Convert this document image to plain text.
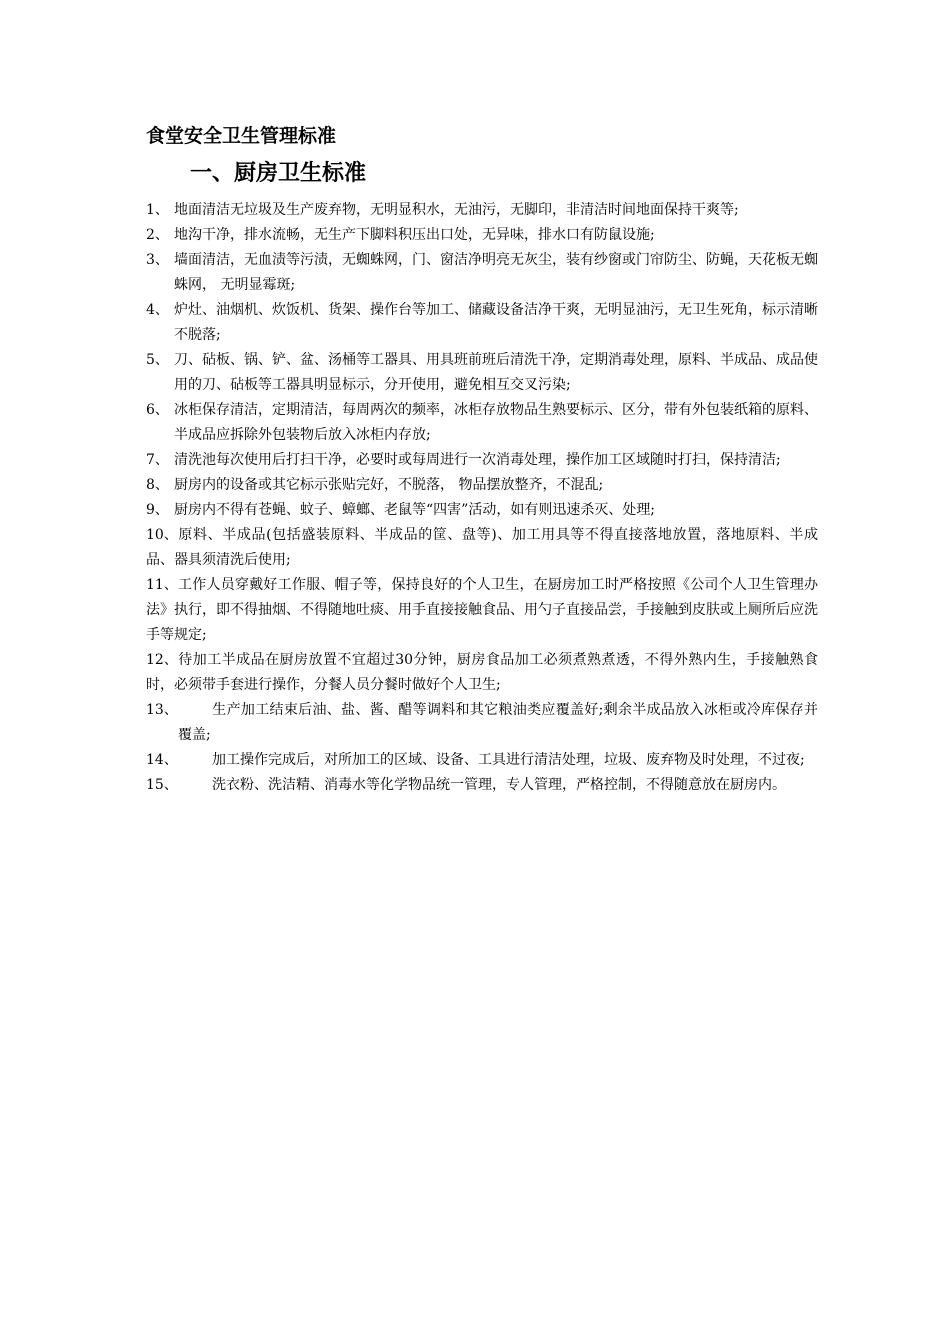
食堂安全卫生管理标准
一、厨房卫生标准
1、 地面清洁无垃圾及生产废弃物，无明显积水，无油污，无脚印，非清洁时间地面保持干爽等;
2、 地沟干净，排水流畅，无生产下脚料积压出口处，无异味，排水口有防鼠设施;
3、 墙面清洁，无血渍等污渍，无蜘蛛网，门、窗洁净明亮无灰尘，装有纱窗或门帘防尘、防蝇，天花板无蜘蛛网， 无明显霉斑;
4、 炉灶、油烟机、炊饭机、货架、操作台等加工、储藏设备洁净干爽，无明显油污，无卫生死角，标示清晰不脱落;
5、 刀、砧板、锅、铲、盆、汤桶等工器具、用具班前班后清洗干净，定期消毒处理，原料、半成品、成品使用的刀、砧板等工器具明显标示，分开使用，避免相互交叉污染;
6、 冰柜保存清洁，定期清洁，每周两次的频率，冰柜存放物品生熟要标示、区分，带有外包装纸箱的原料、半成品应拆除外包装物后放入冰柜内存放;
7、 清洗池每次使用后打扫干净，必要时或每周进行一次消毒处理，操作加工区域随时打扫，保持清洁;
8、 厨房内的设备或其它标示张贴完好，不脱落， 物品摆放整齐，不混乱;
9、 厨房内不得有苍蝇、蚊子、蟑螂、老鼠等“四害”活动，如有则迅速杀灭、处理;
10、原料、半成品(包括盛装原料、半成品的筐、盘等)、加工用具等不得直接落地放置，落地原料、半成品、器具须清洗后使用;
11、工作人员穿戴好工作服、帽子等，保持良好的个人卫生，在厨房加工时严格按照《公司个人卫生管理办法》执行，即不得抽烟、不得随地吐痰、用手直接接触食品、用勺子直接品尝，手接触到皮肤或上厕所后应洗手等规定;
12、待加工半成品在厨房放置不宜超过30分钟，厨房食品加工必须煮熟煮透，不得外熟内生，手接触熟食时，必须带手套进行操作，分餐人员分餐时做好个人卫生;
13、 生产加工结束后油、盐、酱、醋等调料和其它粮油类应覆盖好;剩余半成品放入冰柜或冷库保存并覆盖;
14、 加工操作完成后，对所加工的区域、设备、工具进行清洁处理，垃圾、废弃物及时处理，不过夜;
15、 洗衣粉、洗洁精、消毒水等化学物品统一管理，专人管理，严格控制，不得随意放在厨房内。
